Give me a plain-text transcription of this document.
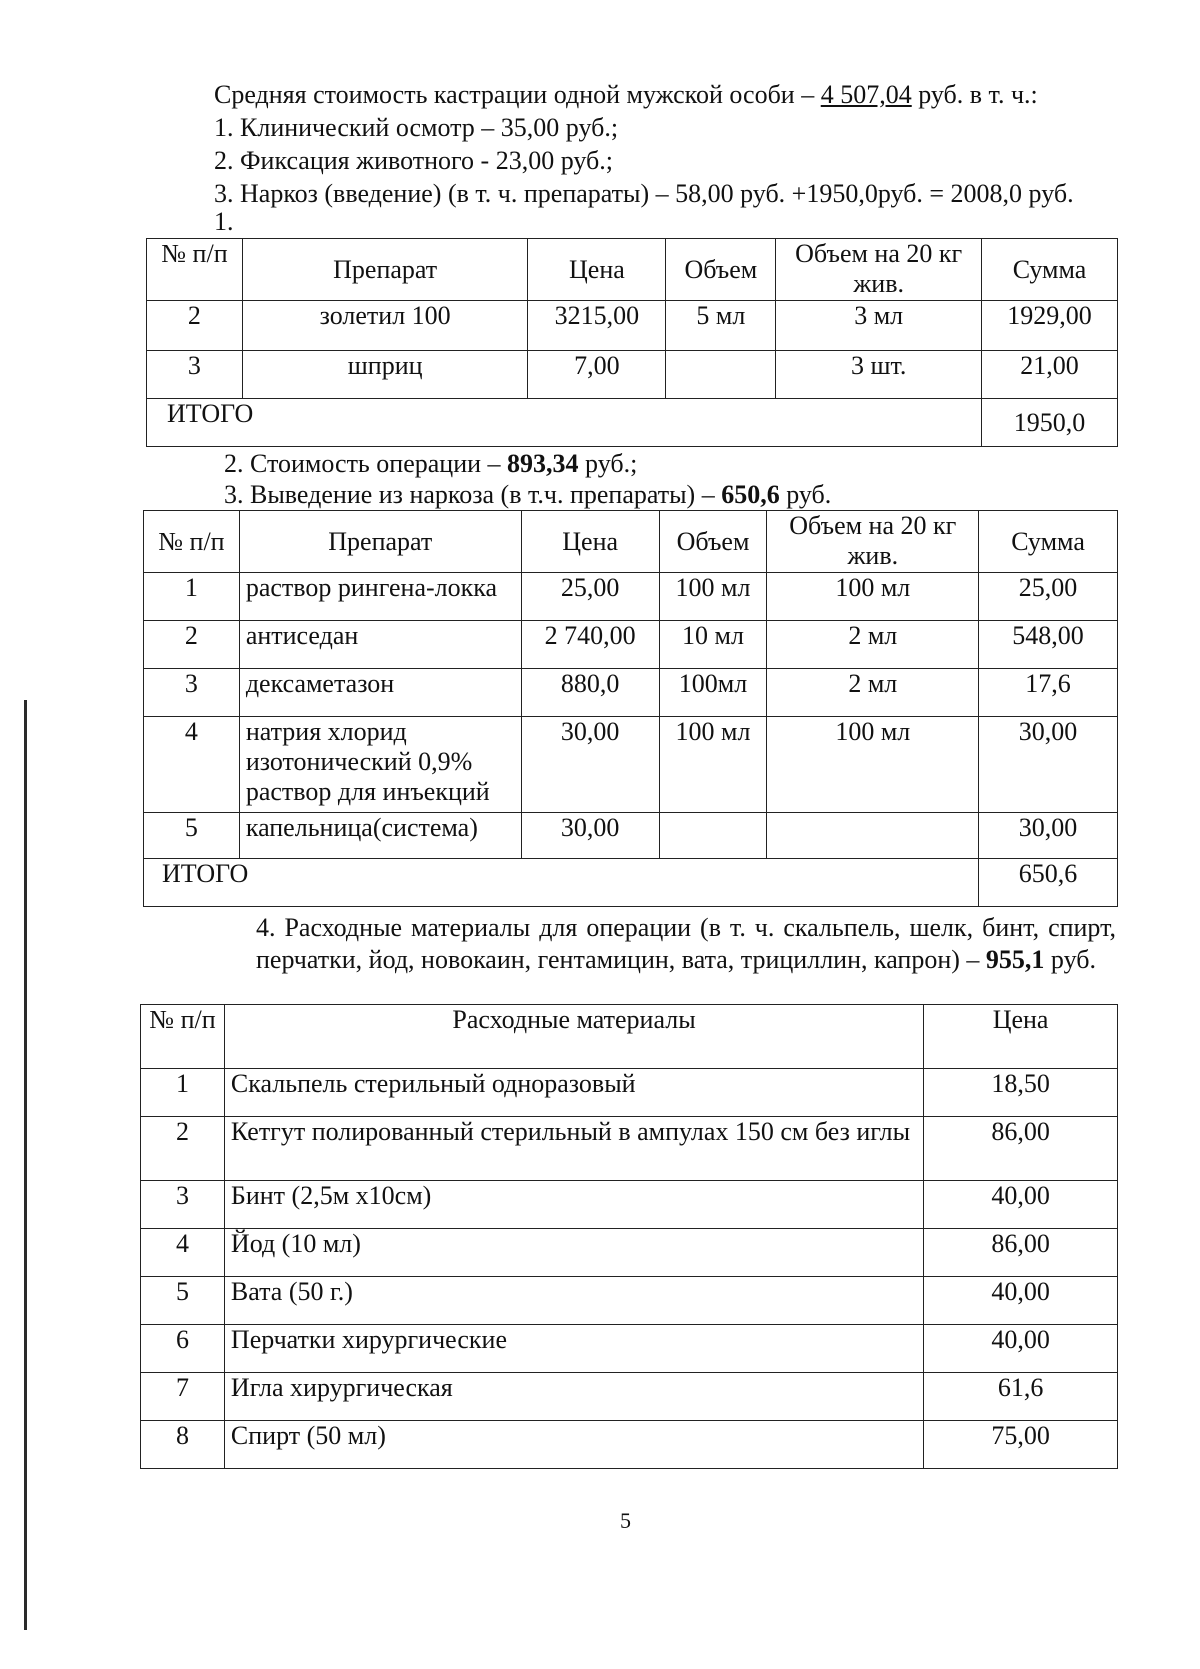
Средняя стоимость кастрации одной мужской особи – 4 507,04 руб. в т. ч.:
1. Клинический осмотр – 35,00 руб.;
2. Фиксация животного - 23,00 руб.;
3. Наркоз (введение) (в т. ч. препараты) – 58,00 руб. +1950,0руб. = 2008,0 руб.
1.
№ п/п	Препарат	Цена	Объем	Объем на 20 кг жив.	Сумма
2	золетил 100	3215,00	5 мл	3 мл	1929,00
3	шприц	7,00		3 шт.	21,00
ИТОГО					1950,0
2. Стоимость операции – 893,34 руб.;
3. Выведение из наркоза (в т.ч. препараты) – 650,6 руб.
№ п/п	Препарат	Цена	Объем	Объем на 20 кг жив.	Сумма
1	раствор рингена-локка	25,00	100 мл	100 мл	25,00
2	антиседан	2 740,00	10 мл	2 мл	548,00
3	дексаметазон	880,0	100мл	2 мл	17,6
4	натрия хлорид изотонический 0,9% раствор для инъекций	30,00	100 мл	100 мл	30,00
5	капельница(система)	30,00			30,00
ИТОГО					650,6
4. Расходные материалы для операции (в т. ч. скальпель, шелк, бинт, спирт, перчатки, йод, новокаин, гентамицин, вата, трициллин, капрон) – 955,1 руб.
№ п/п	Расходные материалы	Цена
1	Скальпель стерильный одноразовый	18,50
2	Кетгут полированный стерильный в ампулах 150 см без иглы	86,00
3	Бинт (2,5м х10см)	40,00
4	Йод (10 мл)	86,00
5	Вата (50 г.)	40,00
6	Перчатки хирургические	40,00
7	Игла хирургическая	61,6
8	Спирт (50 мл)	75,00
5
